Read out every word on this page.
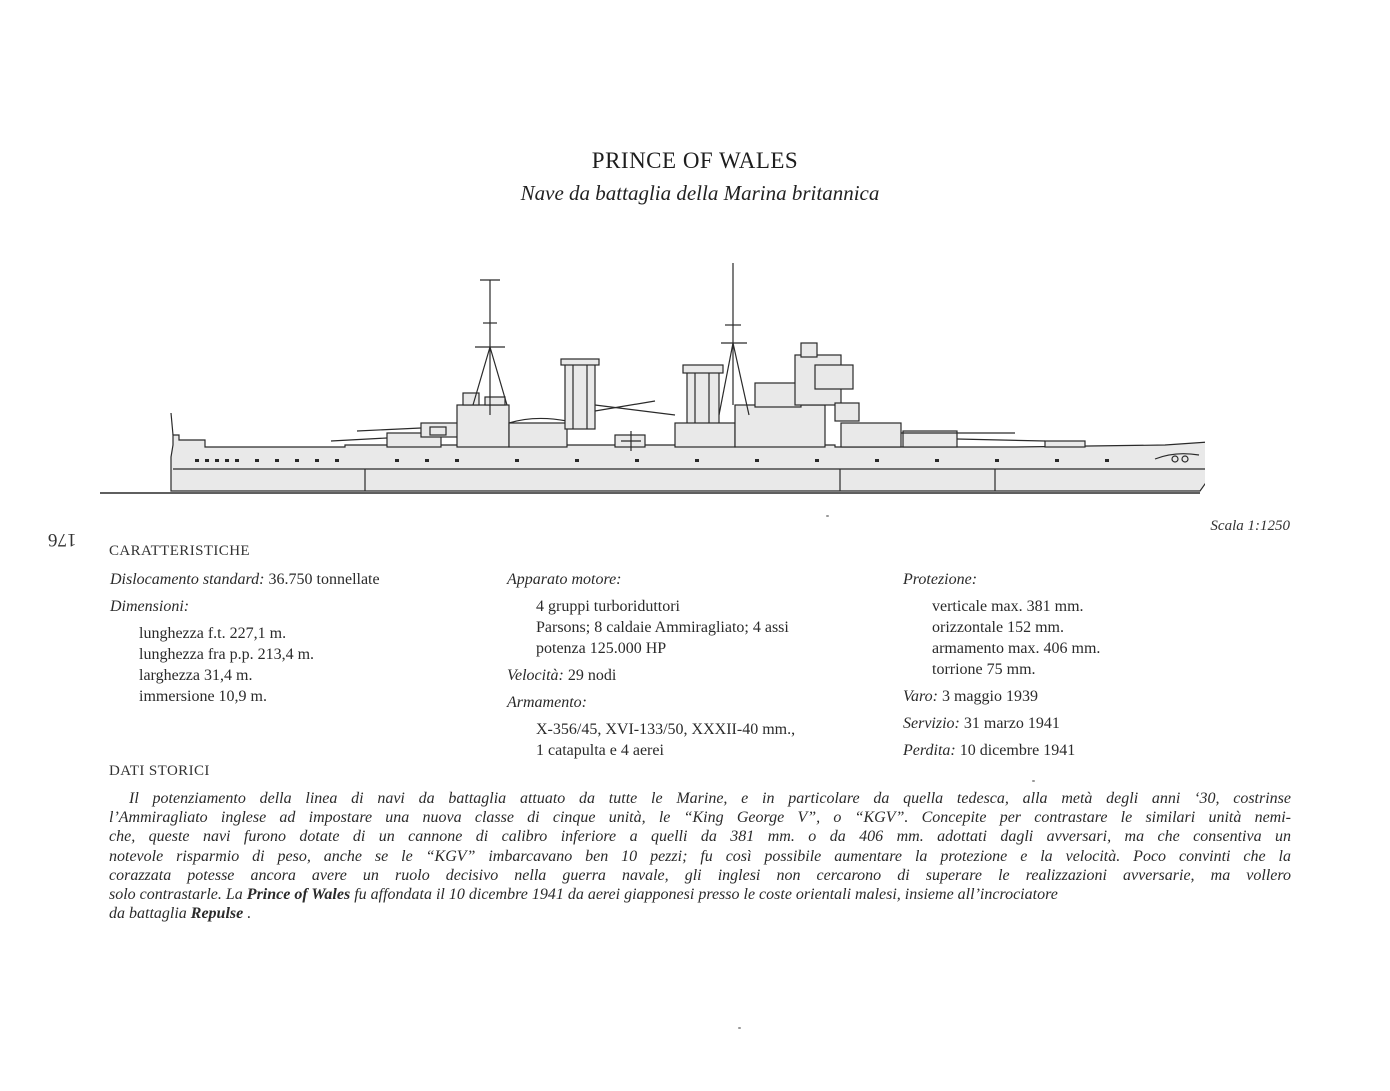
PRINCE OF WALES
Nave da battaglia della Marina britannica
Scala 1:1250
176
CARATTERISTICHE
Dislocamento standard: 36.750 tonnellate
Dimensioni:
lunghezza f.t. 227,1 m.
lunghezza fra p.p. 213,4 m.
larghezza 31,4 m.
immersione 10,9 m.
Apparato motore:
4 gruppi turboriduttori
Parsons; 8 caldaie Ammiragliato; 4 assi
potenza 125.000 HP
Velocità: 29 nodi
Armamento:
X-356/45, XVI-133/50, XXXII-40 mm.,
1 catapulta e 4 aerei
Protezione:
verticale max. 381 mm.
orizzontale 152 mm.
armamento max. 406 mm.
torrione 75 mm.
Varo: 3 maggio 1939
Servizio: 31 marzo 1941
Perdita: 10 dicembre 1941
DATI STORICI
Il potenziamento della linea di navi da battaglia attuato da tutte le Marine, e in particolare da quella tedesca, alla metà degli anni ‘30, costrinse
l’Ammiragliato inglese ad impostare una nuova classe di cinque unità, le “King George V”, o “KGV”. Concepite per contrastare le similari unità nemi-
che, queste navi furono dotate di un cannone di calibro inferiore a quelli da 381 mm. o da 406 mm. adottati dagli avversari, ma che consentiva un
notevole risparmio di peso, anche se le “KGV” imbarcavano ben 10 pezzi; fu così possibile aumentare la protezione e la velocità. Poco convinti che la
corazzata potesse ancora avere un ruolo decisivo nella guerra navale, gli inglesi non cercarono di superare le realizzazioni avversarie, ma vollero
solo contrastarle. La Prince of Wales fu affondata il 10 dicembre 1941 da aerei giapponesi presso le coste orientali malesi, insieme all’incrociatore
da battaglia Repulse .
